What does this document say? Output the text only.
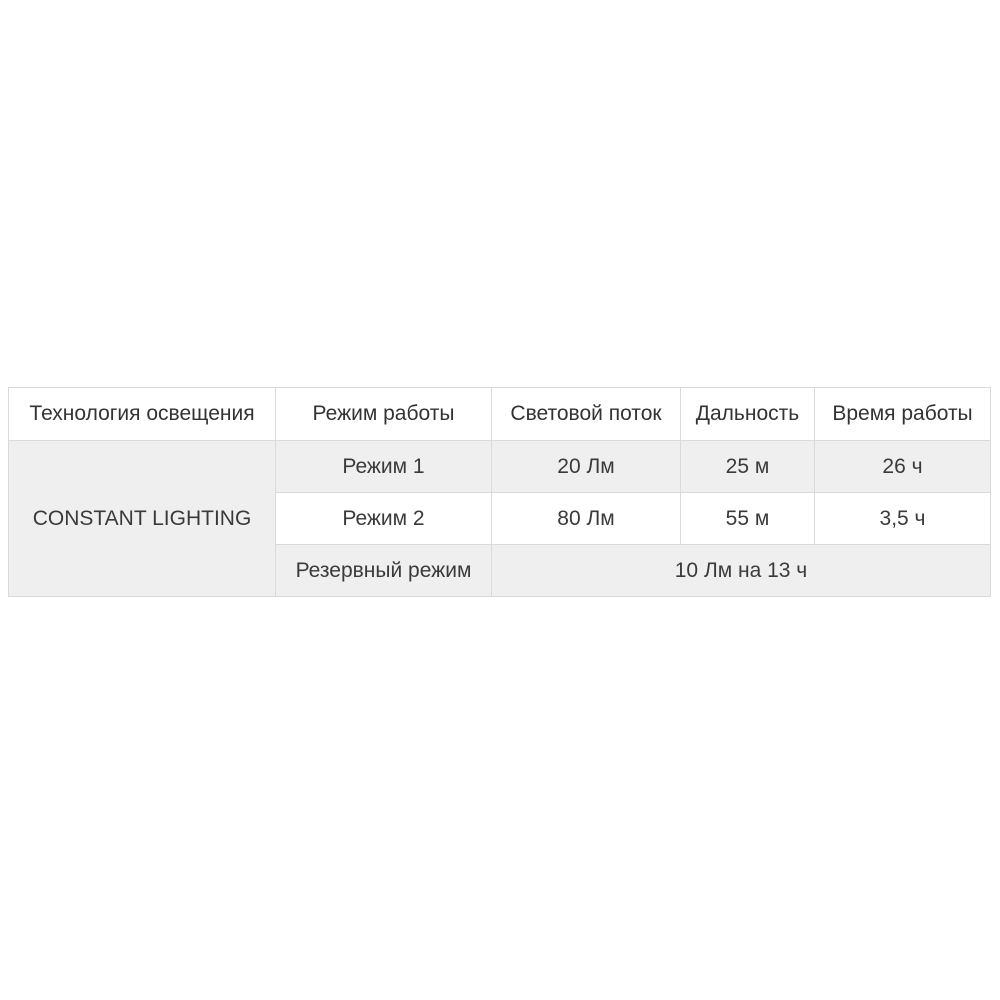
Технология освещения	Режим работы	Световой поток	Дальность	Время работы
CONSTANT LIGHTING	Режим 1	20 Лм	25 м	26 ч
	Режим 2	80 Лм	55 м	3,5 ч
	Резервный режим	10 Лм на 13 ч		
